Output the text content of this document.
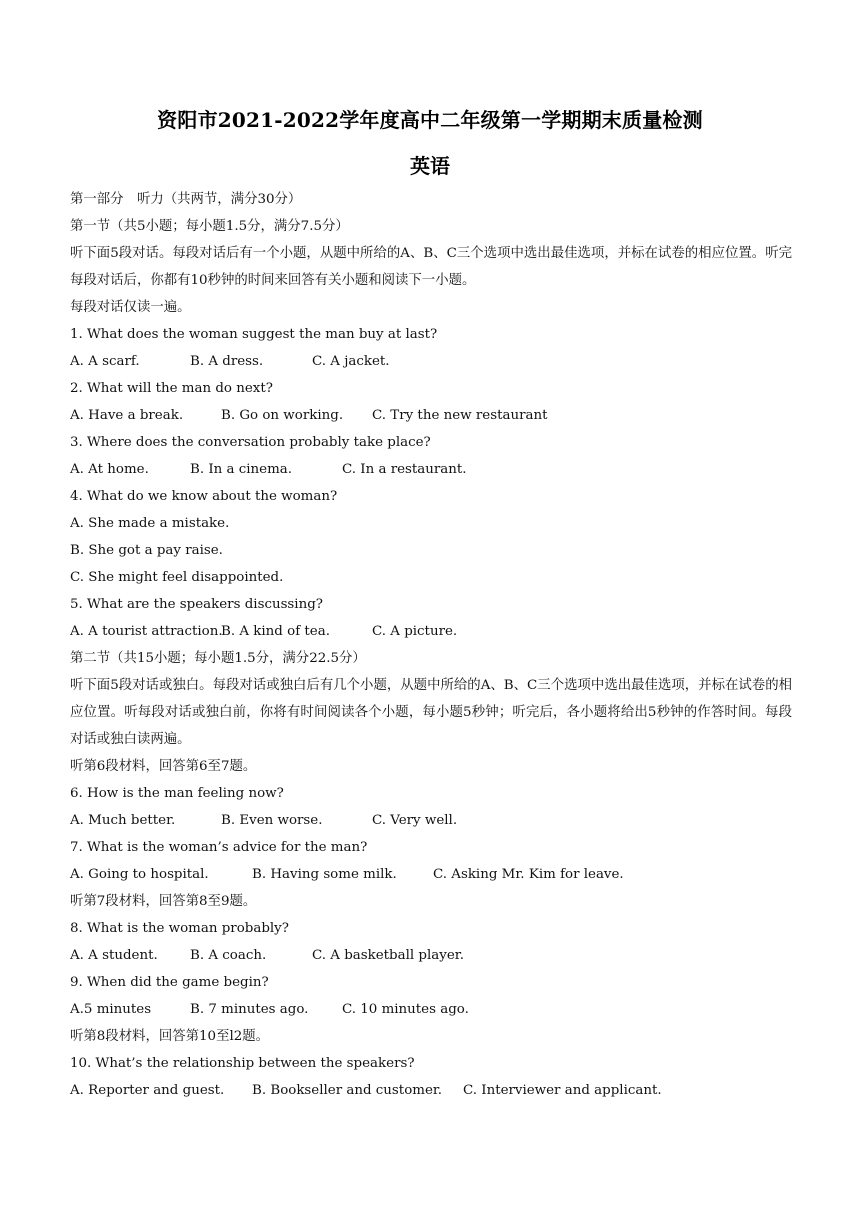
资阳市2021-2022学年度高中二年级第一学期期末质量检测
英语
第一部分　听力（共两节，满分30分）
第一节（共5小题；每小题1.5分，满分7.5分）
听下面5段对话。每段对话后有一个小题，从题中所给的A、B、C三个选项中选出最佳选项，并标在试卷的相应位置。听完每段对话后，你都有10秒钟的时间来回答有关小题和阅读下一小题。
每段对话仅读一遍。
1. What does the woman suggest the man buy at last?
A. A scarf.	B. A dress.	C. A jacket.
2. What will the man do next?
A. Have a break.	B. Go on working. C. Try the new restaurant
3. Where does the conversation probably take place?
A. At home.	B. In a cinema.	C. In a restaurant.
4. What do we know about the woman?
A. She made a mistake.
B. She got a pay raise.
C. She might feel disappointed.
5. What are the speakers discussing?
A. A tourist attraction.B. A kind of tea.	C. A picture.
第二节（共15小题；每小题1.5分，满分22.5分）
听下面5段对话或独白。每段对话或独白后有几个小题，从题中所给的A、B、C三个选项中选出最佳选项，并标在试卷的相应位置。听每段对话或独白前，你将有时间阅读各个小题，每小题5秒钟；听完后，各小题将给出5秒钟的作答时间。每段对话或独白读两遍。
听第6段材料，回答第6至7题。
6. How is the man feeling now?
A. Much better.	B. Even worse.	C. Very well.
7. What is the woman’s advice for the man?
A. Going to hospital.	B. Having some milk.	C. Asking Mr. Kim for leave.
听第7段材料，回答第8至9题。
8. What is the woman probably?
A. A student. B. A coach.	C. A basketball player.
9. When did the game begin?
A.5 minutes	B. 7 minutes ago.	C. 10 minutes ago.
听第8段材料，回答第10至l2题。
10. What’s the relationship between the speakers?
A. Reporter and guest. B. Bookseller and customer. C. Interviewer and applicant.
